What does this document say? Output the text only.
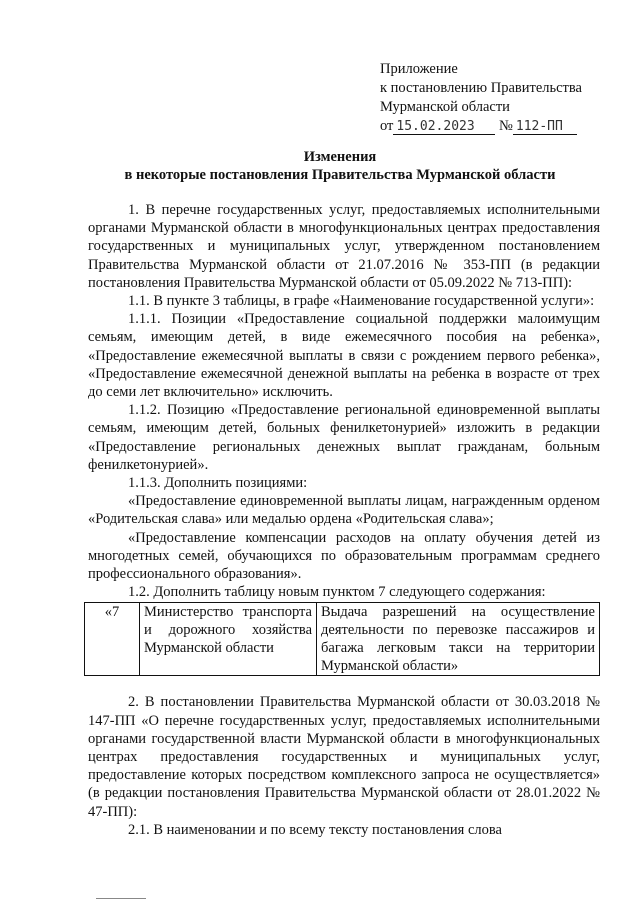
Приложение
к постановлению Правительства
Мурманской области
от 15.02.2023 № 112-ПП
Изменения
в некоторые постановления Правительства Мурманской области

1. В перечне государственных услуг, предоставляемых исполнительными органами Мурманской области в многофункциональных центрах предоставления государственных и муниципальных услуг, утвержденном постановлением Правительства Мурманской области от 21.07.2016 № 353-ПП (в редакции постановления Правительства Мурманской области от 05.09.2022 № 713-ПП):

1.1. В пункте 3 таблицы, в графе «Наименование государственной услуги»:

1.1.1. Позиции «Предоставление социальной поддержки малоимущим семьям, имеющим детей, в виде ежемесячного пособия на ребенка», «Предоставление ежемесячной выплаты в связи с рождением первого ребенка», «Предоставление ежемесячной денежной выплаты на ребенка в возрасте от трех до семи лет включительно» исключить.

1.1.2. Позицию «Предоставление региональной единовременной выплаты семьям, имеющим детей, больных фенилкетонурией» изложить в редакции «Предоставление региональных денежных выплат гражданам, больным фенилкетонурией».

1.1.3. Дополнить позициями:

«Предоставление единовременной выплаты лицам, награжденным орденом «Родительская слава» или медалью ордена «Родительская слава»;

«Предоставление компенсации расходов на оплату обучения детей из многодетных семей, обучающихся по образовательным программам среднего профессионального образования».

1.2. Дополнить таблицу новым пунктом 7 следующего содержания:

«7	Министерство транспорта и дорожного хозяйства Мурманской области	Выдача разрешений на осуществление деятельности по перевозке пассажиров и багажа легковым такси на территории Мурманской области»

2. В постановлении Правительства Мурманской области от 30.03.2018 № 147-ПП «О перечне государственных услуг, предоставляемых исполнительными органами государственной власти Мурманской области в многофункциональных центрах предоставления государственных и муниципальных услуг, предоставление которых посредством комплексного запроса не осуществляется» (в редакции постановления Правительства Мурманской области от 28.01.2022 № 47-ПП):

2.1. В наименовании и по всему тексту постановления слова
